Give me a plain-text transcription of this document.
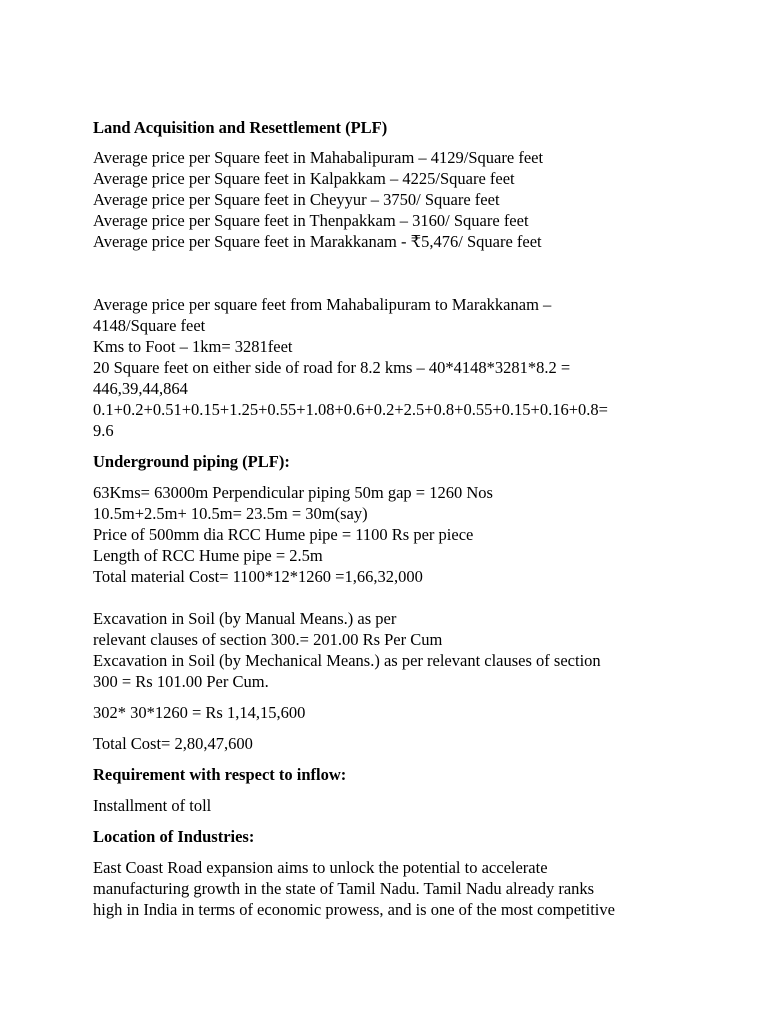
Land Acquisition and Resettlement (PLF)

Average price per Square feet in Mahabalipuram – 4129/Square feet
Average price per Square feet in Kalpakkam – 4225/Square feet
Average price per Square feet in Cheyyur – 3750/ Square feet
Average price per Square feet in Thenpakkam – 3160/ Square feet
Average price per Square feet in Marakkanam - ₹5,476/ Square feet
Average price per square feet from Mahabalipuram to Marakkanam –
4148/Square feet
Kms to Foot – 1km= 3281feet
20 Square feet on either side of road for 8.2 kms – 40*4148*3281*8.2 =
446,39,44,864
0.1+0.2+0.51+0.15+1.25+0.55+1.08+0.6+0.2+2.5+0.8+0.55+0.15+0.16+0.8=
9.6

Underground piping (PLF):

63Kms= 63000m Perpendicular piping 50m gap = 1260 Nos
10.5m+2.5m+ 10.5m= 23.5m = 30m(say)
Price of 500mm dia RCC Hume pipe = 1100 Rs per piece
Length of RCC Hume pipe = 2.5m
Total material Cost= 1100*12*1260 =1,66,32,000
Excavation in Soil (by Manual Means.) as per
relevant clauses of section 300.= 201.00 Rs Per Cum
Excavation in Soil (by Mechanical Means.) as per relevant clauses of section
300 = Rs 101.00 Per Cum.

302* 30*1260 = Rs 1,14,15,600

Total Cost= 2,80,47,600

Requirement with respect to inflow:

Installment of toll

Location of Industries:

East Coast Road expansion aims to unlock the potential to accelerate
manufacturing growth in the state of Tamil Nadu. Tamil Nadu already ranks
high in India in terms of economic prowess, and is one of the most competitive
